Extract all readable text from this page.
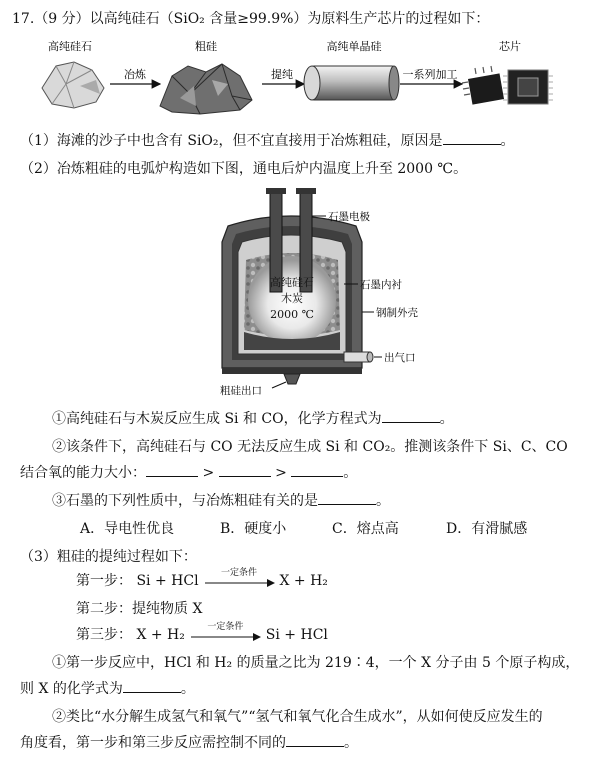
17.（9 分）以高纯硅石（SiO₂ 含量≥99.9%）为原料生产芯片的过程如下：
高纯硅石	粗硅	高纯单晶硅	芯片
冶炼	提纯	一系列加工
（1）海滩的沙子中也含有 SiO₂，但不宜直接用于冶炼粗硅，原因是	。
（2）冶炼粗硅的电弧炉构造如下图，通电后炉内温度上升至 2000 ℃。
高纯硅石
木炭
2000 ℃
石墨电极
石墨内衬
钢制外壳
出气口
粗硅出口
①高纯硅石与木炭反应生成 Si 和 CO，化学方程式为	。
②该条件下，高纯硅石与 CO 无法反应生成 Si 和 CO₂。推测该条件下 Si、C、CO
结合氧的能力大小：	>	>	。
③石墨的下列性质中，与冶炼粗硅有关的是	。
A．导电性优良	B．硬度小	C．熔点高	D．有滑腻感
（3）粗硅的提纯过程如下：
第一步： Si + HCl	一定条件	X + H₂
第二步：提纯物质 X
第三步： X + H₂	一定条件	Si + HCl
①第一步反应中，HCl 和 H₂ 的质量之比为 219∶4，一个 X 分子由 5 个原子构成，
则 X 的化学式为	。
②类比“水分解生成氢气和氧气”“氢气和氧气化合生成水”，从如何使反应发生的
角度看，第一步和第三步反应需控制不同的	。
